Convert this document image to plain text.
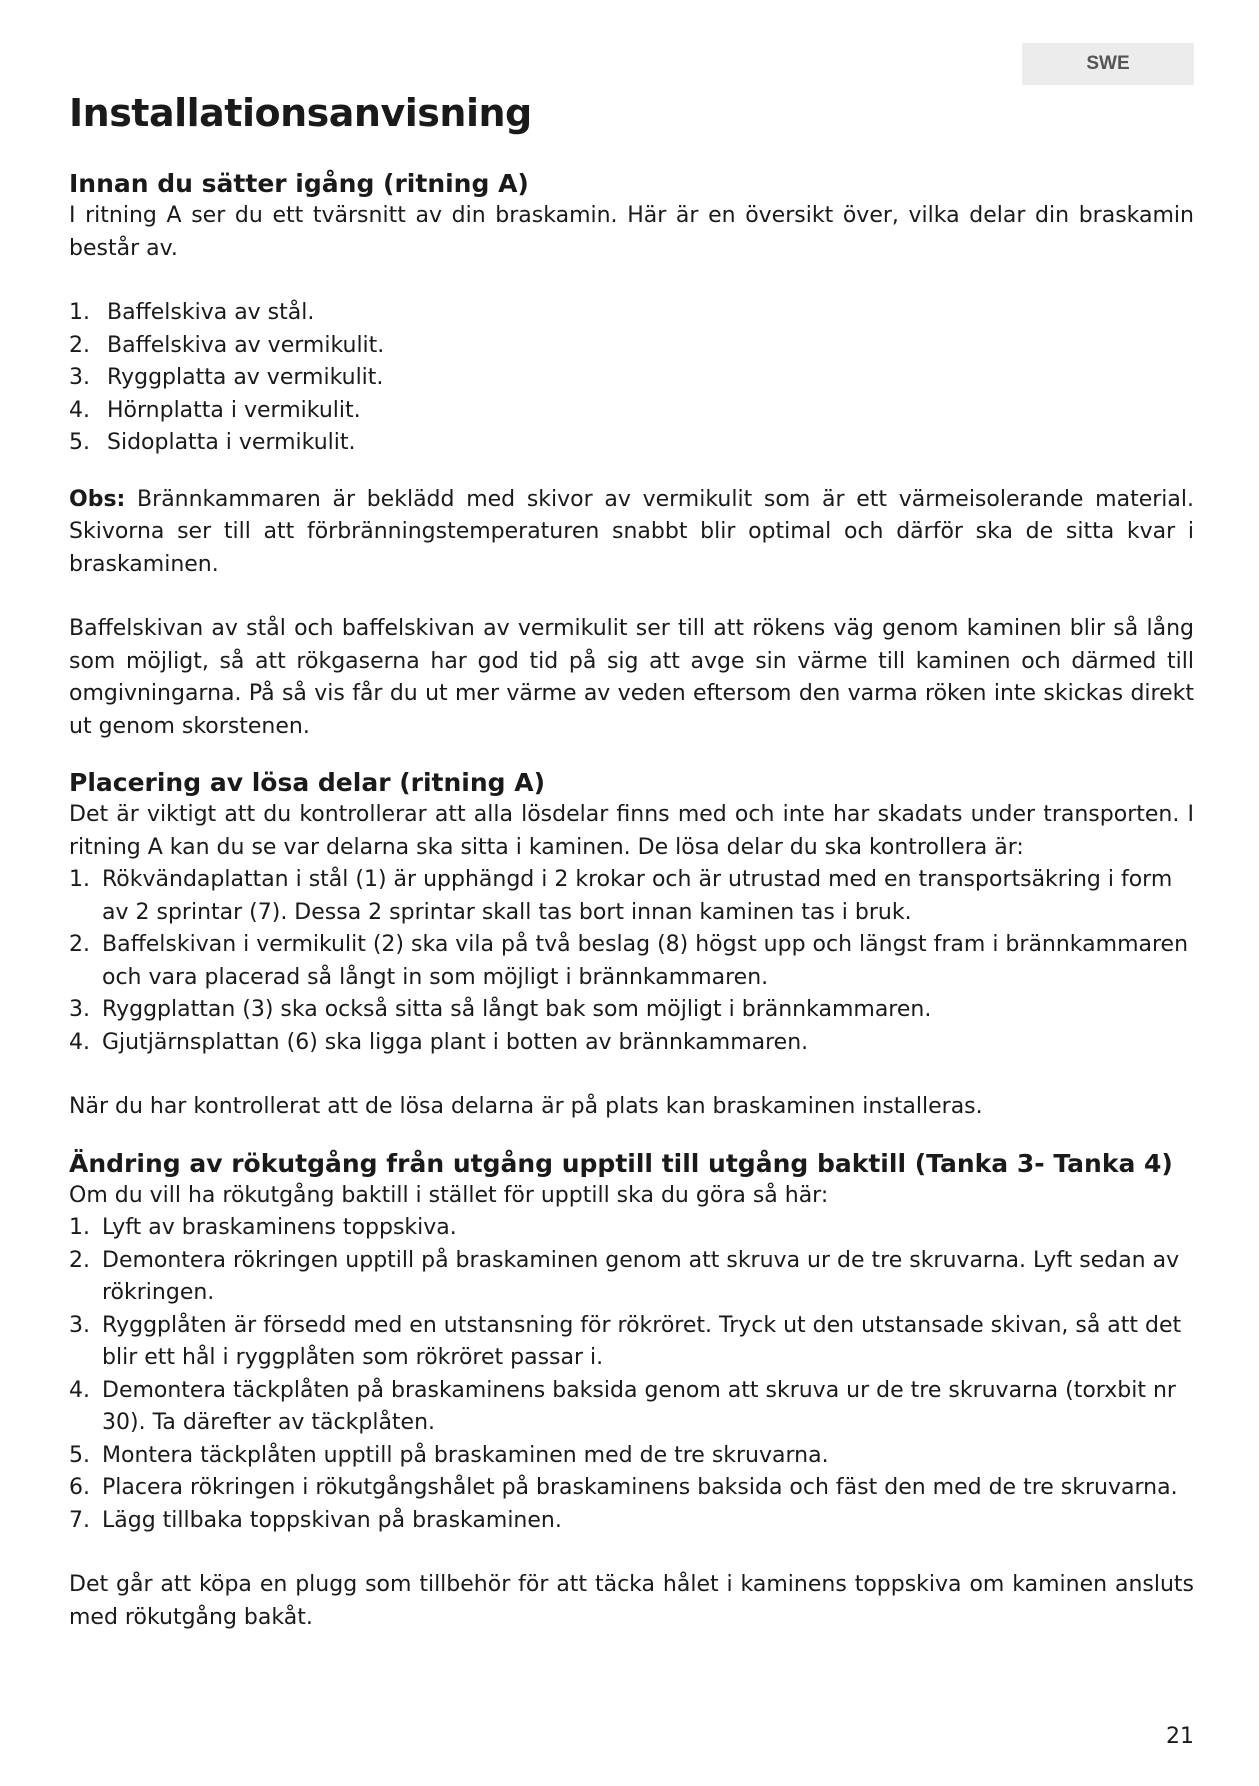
SWE
Installationsanvisning
Innan du sätter igång (ritning A)

I ritning A ser du ett tvärsnitt av din braskamin. Här är en översikt över, vilka delar din braskamin består av.

1. Baffelskiva av stål.
2. Baffelskiva av vermikulit.
3. Ryggplatta av vermikulit.
4. Hörnplatta i vermikulit.
5. Sidoplatta i vermikulit.

Obs: Brännkammaren är beklädd med skivor av vermikulit som är ett värmeisolerande material. Skivorna ser till att förbränningstemperaturen snabbt blir optimal och därför ska de sitta kvar i braskaminen.

Baffelskivan av stål och baffelskivan av vermikulit ser till att rökens väg genom kaminen blir så lång som möjligt, så att rökgaserna har god tid på sig att avge sin värme till kaminen och därmed till omgivningarna. På så vis får du ut mer värme av veden eftersom den varma röken inte skickas direkt ut genom skorstenen.

Placering av lösa delar (ritning A)

Det är viktigt att du kontrollerar att alla lösdelar finns med och inte har skadats under transporten. I ritning A kan du se var delarna ska sitta i kaminen. De lösa delar du ska kontrollera är:

1. Rökvändaplattan i stål (1) är upphängd i 2 krokar och är utrustad med en transportsäkring i form av 2 sprintar (7). Dessa 2 sprintar skall tas bort innan kaminen tas i bruk.
2. Baffelskivan i vermikulit (2) ska vila på två beslag (8) högst upp och längst fram i brännkammaren och vara placerad så långt in som möjligt i brännkammaren.
3. Ryggplattan (3) ska också sitta så långt bak som möjligt i brännkammaren.
4. Gjutjärnsplattan (6) ska ligga plant i botten av brännkammaren.

När du har kontrollerat att de lösa delarna är på plats kan braskaminen installeras.

Ändring av rökutgång från utgång upptill till utgång baktill (Tanka 3- Tanka 4)

Om du vill ha rökutgång baktill i stället för upptill ska du göra så här:

1. Lyft av braskaminens toppskiva.
2. Demontera rökringen upptill på braskaminen genom att skruva ur de tre skruvarna. Lyft sedan av rökringen.
3. Ryggplåten är försedd med en utstansning för rökröret. Tryck ut den utstansade skivan, så att det blir ett hål i ryggplåten som rökröret passar i.
4. Demontera täckplåten på braskaminens baksida genom att skruva ur de tre skruvarna (torxbit nr 30). Ta därefter av täckplåten.
5. Montera täckplåten upptill på braskaminen med de tre skruvarna.
6. Placera rökringen i rökutgångshålet på braskaminens baksida och fäst den med de tre skruvarna.
7. Lägg tillbaka toppskivan på braskaminen.

Det går att köpa en plugg som tillbehör för att täcka hålet i kaminens toppskiva om kaminen ansluts med rökutgång bakåt.

21
